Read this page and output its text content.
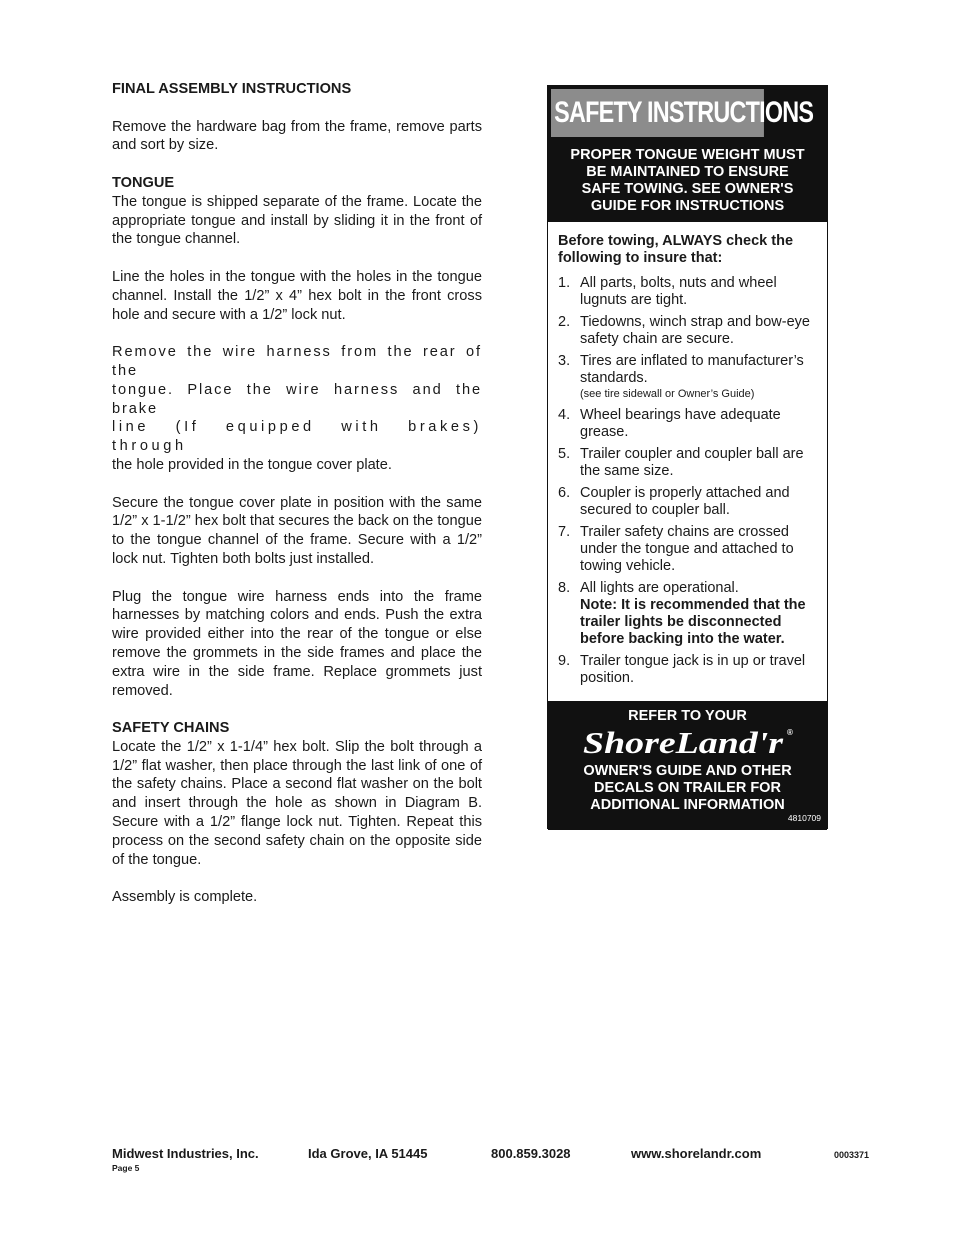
FINAL ASSEMBLY INSTRUCTIONS

Remove the hardware bag from the frame, remove parts and sort by size.

TONGUE

The tongue is shipped separate of the frame. Locate the appropriate tongue and install by sliding it in the front of the tongue channel.

Line the holes in the tongue with the holes in the tongue channel. Install the 1/2” x 4” hex bolt in the front cross hole and secure with a 1/2” lock nut.

Remove the wire harness from the rear of the

tongue. Place the wire harness and the brake

line (If equipped with brakes) through

the hole provided in the tongue cover plate.

Secure the tongue cover plate in position with the same 1/2” x 1-1/2” hex bolt that secures the back on the tongue to the tongue channel of the frame. Secure with a 1/2” lock nut. Tighten both bolts just installed.

Plug the tongue wire harness ends into the frame harnesses by matching colors and ends. Push the extra wire provided either into the rear of the tongue or else remove the grommets in the side frames and place the extra wire in the side frame. Replace grommets just removed.

SAFETY CHAINS

Locate the 1/2” x 1-1/4” hex bolt. Slip the bolt through a 1/2” flat washer, then place through the last link of one of the safety chains. Place a second flat washer on the bolt and insert through the hole as shown in Diagram B. Secure with a 1/2” flange lock nut. Tighten. Repeat this process on the second safety chain on the opposite side of the tongue.

Assembly is complete.

SAFETY INSTRUCTIONS
PROPER TONGUE WEIGHT MUST
BE MAINTAINED TO ENSURE
SAFE TOWING. SEE OWNER'S
GUIDE FOR INSTRUCTIONS
Before towing, ALWAYS check the following to insure that:
1. All parts, bolts, nuts and wheel lugnuts are tight.
2. Tiedowns, winch strap and bow-eye safety chain are secure.
3. Tires are inflated to manufacturer’s standards.
(see tire sidewall or Owner’s Guide)
4. Wheel bearings have adequate grease.
5. Trailer coupler and coupler ball are the same size.
6. Coupler is properly attached and secured to coupler ball.
7. Trailer safety chains are crossed under the tongue and attached to towing vehicle.
8. All lights are operational.
Note: It is recommended that the trailer lights be disconnected before backing into the water.
9. Trailer tongue jack is in up or travel position.
REFER TO YOUR
ShoreLand'r ®
OWNER'S GUIDE AND OTHER
DECALS ON TRAILER FOR
ADDITIONAL INFORMATION
4810709
Midwest Industries, Inc.	Ida Grove, IA 51445	800.859.3028	www.shorelandr.com	0003371
Page 5
